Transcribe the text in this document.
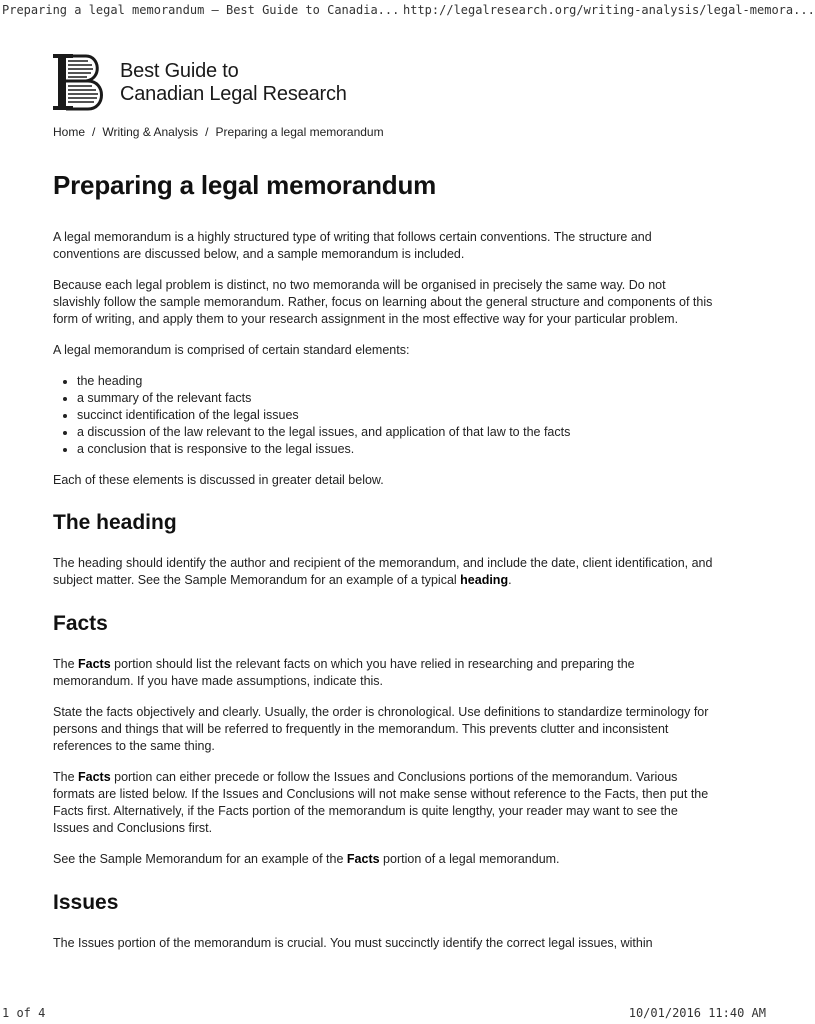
Preparing a legal memorandum – Best Guide to Canadia... http://legalresearch.org/writing-analysis/legal-memora...
Best Guide to
Canadian Legal Research
Home / Writing & Analysis / Preparing a legal memorandum
Preparing a legal memorandum

A legal memorandum is a highly structured type of writing that follows certain conventions. The structure and conventions are discussed below, and a sample memorandum is included.

Because each legal problem is distinct, no two memoranda will be organised in precisely the same way. Do not slavishly follow the sample memorandum. Rather, focus on learning about the general structure and components of this form of writing, and apply them to your research assignment in the most effective way for your particular problem.

A legal memorandum is comprised of certain standard elements:

• the heading
• a summary of the relevant facts
• succinct identification of the legal issues
• a discussion of the law relevant to the legal issues, and application of that law to the facts
• a conclusion that is responsive to the legal issues.

Each of these elements is discussed in greater detail below.

The heading

The heading should identify the author and recipient of the memorandum, and include the date, client identification, and subject matter. See the Sample Memorandum for an example of a typical heading.

Facts

The Facts portion should list the relevant facts on which you have relied in researching and preparing the memorandum. If you have made assumptions, indicate this.

State the facts objectively and clearly. Usually, the order is chronological. Use definitions to standardize terminology for persons and things that will be referred to frequently in the memorandum. This prevents clutter and inconsistent references to the same thing.

The Facts portion can either precede or follow the Issues and Conclusions portions of the memorandum. Various formats are listed below. If the Issues and Conclusions will not make sense without reference to the Facts, then put the Facts first. Alternatively, if the Facts portion of the memorandum is quite lengthy, your reader may want to see the Issues and Conclusions first.

See the Sample Memorandum for an example of the Facts portion of a legal memorandum.

Issues

The Issues portion of the memorandum is crucial. You must succinctly identify the correct legal issues, within

1 of 4	10/01/2016 11:40 AM
